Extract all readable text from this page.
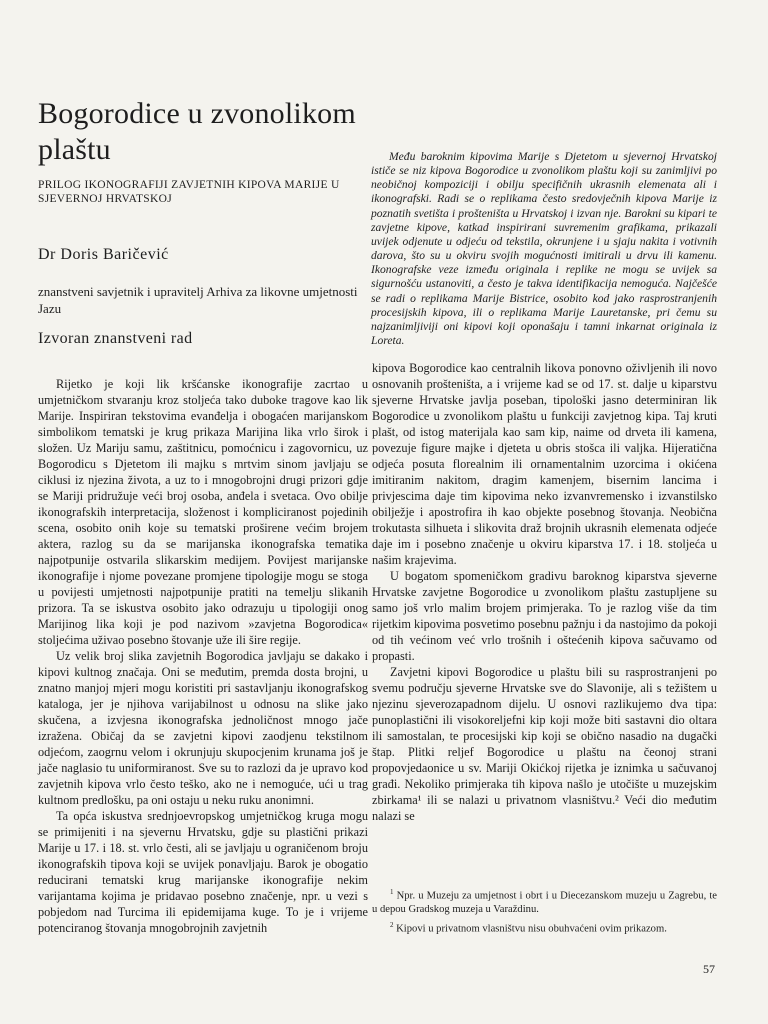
Bogorodice u zvonolikom plaštu
PRILOG IKONOGRAFIJI ZAVJETNIH KIPOVA MARIJE U SJEVERNOJ HRVATSKOJ
Dr Doris Baričević
znanstveni savjetnik i upravitelj Arhiva za likovne umjetnosti Jazu
Izvoran znanstveni rad

Među baroknim kipovima Marije s Djetetom u sjevernoj Hrvatskoj ističe se niz kipova Bogorodice u zvonolikom plaštu koji su zanimljivi po neobičnoj kompoziciji i obilju specifičnih ukrasnih elemenata ali i ikonografski. Radi se o replikama često sredovječnih kipova Marije iz poznatih svetišta i prošteništa u Hrvatskoj i izvan nje. Barokni su kipari te zavjetne kipove, katkad inspirirani suvremenim grafikama, prikazali uvijek odjenute u odjeću od tekstila, okrunjene i u sjaju nakita i votivnih darova, što su u okviru svojih mogućnosti imitirali u drvu ili kamenu. Ikonografske veze između originala i replike ne mogu se uvijek sa sigurnošću ustanoviti, a često je takva identifikacija nemoguća. Najčešće se radi o replikama Marije Bistrice, osobito kod jako rasprostranjenih procesijskih kipova, ili o replikama Marije Lauretanske, pri čemu su najzanimljiviji oni kipovi koji oponašaju i tamni inkarnat originala iz Loreta.

Rijetko je koji lik kršćanske ikonografije zacrtao u umjetničkom stvaranju kroz stoljeća tako duboke tragove kao lik Marije. Inspiriran tekstovima evanđelja i obogaćen marijanskom simbolikom tematski je krug prikaza Marijina lika vrlo širok i složen. Uz Mariju samu, zaštitnicu, pomoćnicu i zagovornicu, uz Bogorodicu s Djetetom ili majku s mrtvim sinom javljaju se ciklusi iz njezina života, a uz to i mnogobrojni drugi prizori gdje se Mariji pridružuje veći broj osoba, anđela i svetaca. Ovo obilje ikonografskih interpretacija, složenost i kompliciranost pojedinih scena, osobito onih koje su tematski proširene većim brojem aktera, razlog su da se marijanska ikonografska tematika najpotpunije ostvarila slikarskim medijem. Povijest marijanske ikonografije i njome povezane promjene tipologije mogu se stoga u povijesti umjetnosti najpotpunije pratiti na temelju slikanih prizora. Ta se iskustva osobito jako odrazuju u tipologiji onog Marijinog lika koji je pod nazivom »zavjetna Bogorodica« stoljećima uživao posebno štovanje uže ili šire regije.

Uz velik broj slika zavjetnih Bogorodica javljaju se dakako i kipovi kultnog značaja. Oni se međutim, premda dosta brojni, u znatno manjoj mjeri mogu koristiti pri sastavljanju ikonografskog kataloga, jer je njihova varijabilnost u odnosu na slike jako skučena, a izvjesna ikonografska jednoličnost mnogo jače izražena. Običaj da se zavjetni kipovi zaodjenu tekstilnom odjećom, zaogrnu velom i okrunjuju skupocjenim krunama još je jače naglasio tu uniformiranost. Sve su to razlozi da je upravo kod zavjetnih kipova vrlo često teško, ako ne i nemoguće, ući u trag kultnom predlošku, pa oni ostaju u neku ruku anonimni.

Ta opća iskustva srednjoevropskog umjetničkog kruga mogu se primijeniti i na sjevernu Hrvatsku, gdje su plastični prikazi Marije u 17. i 18. st. vrlo česti, ali se javljaju u ograničenom broju ikonografskih tipova koji se uvijek ponavljaju. Barok je obogatio reducirani tematski krug marijanske ikonografije nekim varijantama kojima je pridavao posebno značenje, npr. u vezi s pobjedom nad Turcima ili epidemijama kuge. To je i vrijeme potenciranog štovanja mnogobrojnih zavjetnih

kipova Bogorodice kao centralnih likova ponovno oživljenih ili novo osnovanih prošteništa, a i vrijeme kad se od 17. st. dalje u kiparstvu sjeverne Hrvatske javlja poseban, tipološki jasno determiniran lik Bogorodice u zvonolikom plaštu u funkciji zavjetnog kipa. Taj kruti plašt, od istog materijala kao sam kip, naime od drveta ili kamena, povezuje figure majke i djeteta u obris stošca ili valjka. Hijeratična odjeća posuta florealnim ili ornamentalnim uzorcima i okićena imitiranim nakitom, dragim kamenjem, bisernim lancima i privjescima daje tim kipovima neko izvanvremensko i izvanstilsko obilježje i apostrofira ih kao objekte posebnog štovanja. Neobična trokutasta silhueta i slikovita draž brojnih ukrasnih elemenata odjeće daje im i posebno značenje u okviru kiparstva 17. i 18. stoljeća u našim krajevima.

U bogatom spomeničkom gradivu baroknog kiparstva sjeverne Hrvatske zavjetne Bogorodice u zvonolikom plaštu zastupljene su samo još vrlo malim brojem primjeraka. To je razlog više da tim rijetkim kipovima posvetimo posebnu pažnju i da nastojimo da pokoji od tih većinom već vrlo trošnih i oštećenih kipova sačuvamo od propasti.

Zavjetni kipovi Bogorodice u plaštu bili su rasprostranjeni po svemu području sjeverne Hrvatske sve do Slavonije, ali s težištem u njezinu sjeverozapadnom dijelu. U osnovi razlikujemo dva tipa: punoplastični ili visokoreljefni kip koji može biti sastavni dio oltara ili samostalan, te procesijski kip koji se obično nasadio na dugački štap. Plitki reljef Bogorodice u plaštu na čeonoj strani propovjedaonice u sv. Mariji Okićkoj rijetka je iznimka u sačuvanoj građi. Nekoliko primjeraka tih kipova našlo je utočište u muzejskim zbirkama¹ ili se nalazi u privatnom vlasništvu.² Veći dio međutim nalazi se

$^1$ Npr. u Muzeju za umjetnost i obrt i u Diecezanskom muzeju u Zagrebu, te u depou Gradskog muzeja u Varaždinu.

$^2$ Kipovi u privatnom vlasništvu nisu obuhvaćeni ovim prikazom.

57
